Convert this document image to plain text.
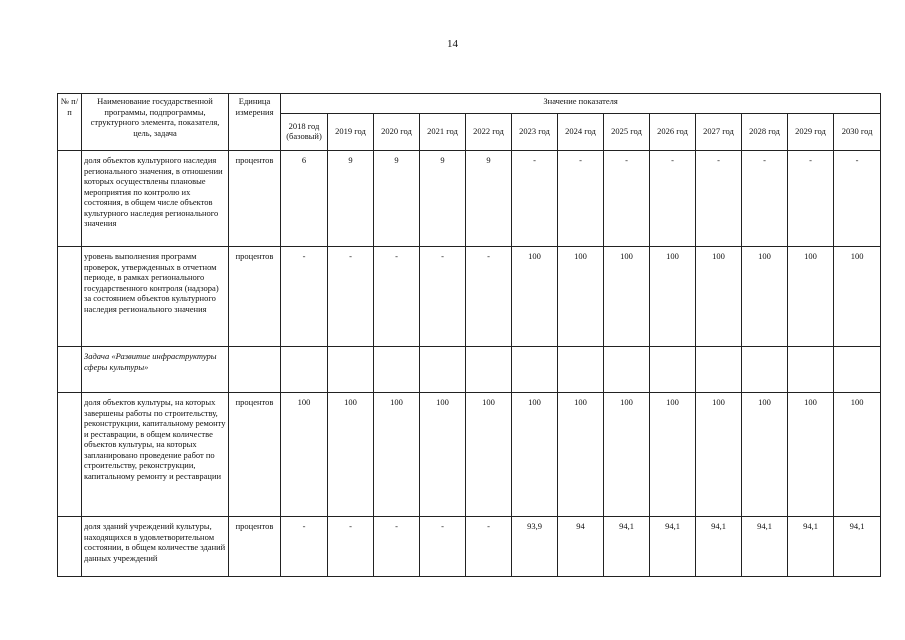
14
№ п/п	Наименование государственной программы, подпрограммы, структурного элемента, показателя, цель, задача	Единица измерения	Значение показателя												
			2018 год (базовый)	2019 год	2020 год	2021 год	2022 год	2023 год	2024 год	2025 год	2026 год	2027 год	2028 год	2029 год	2030 год
	доля объектов культурного наследия регионального значения, в отношении которых осуществлены плановые мероприятия по контролю их состояния, в общем числе объектов культурного наследия регионального значения	процентов	6	9	9	9	9	-	-	-	-	-	-	-	-
	уровень выполнения программ проверок, утвержденных в отчетном периоде, в рамках регионального государственного контроля (надзора) за состоянием объектов культурного наследия регионального значения	процентов	-	-	-	-	-	100	100	100	100	100	100	100	100
	Задача «Развитие инфраструктуры сферы культуры»														
	доля объектов культуры, на которых завершены работы по строительству, реконструкции, капитальному ремонту и реставрации, в общем количестве объектов культуры, на которых запланировано проведение работ по строительству, реконструкции, капитальному ремонту и реставрации	процентов	100	100	100	100	100	100	100	100	100	100	100	100	100
	доля зданий учреждений культуры, находящихся в удовлетворительном состоянии, в общем количестве зданий данных учреждений	процентов	-	-	-	-	-	93,9	94	94,1	94,1	94,1	94,1	94,1	94,1
